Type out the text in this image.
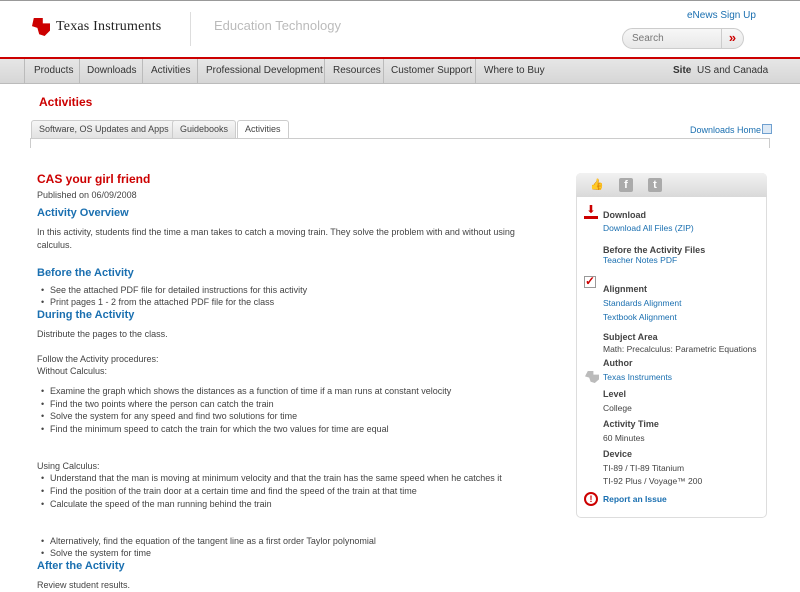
Texas Instruments	Education Technology
eNews Sign Up
Search	»
Products Downloads Activities Professional Development Resources Customer Support Where to Buy	Site US and Canada
Activities
Software, OS Updates and Apps	Guidebooks	Activities	Downloads Home
CAS your girl friend
Published on 06/09/2008
Activity Overview
In this activity, students find the time a man takes to catch a moving train. They solve the problem with and without using
calculus.
Before the Activity
• See the attached PDF file for detailed instructions for this activity
• Print pages 1 - 2 from the attached PDF file for the class
During the Activity
Distribute the pages to the class.
Follow the Activity procedures:
Without Calculus:
• Examine the graph which shows the distances as a function of time if a man runs at constant velocity
• Find the two points where the person can catch the train
• Solve the system for any speed and find two solutions for time
• Find the minimum speed to catch the train for which the two values for time are equal
Using Calculus:
• Understand that the man is moving at minimum velocity and that the train has the same speed when he catches it
• Find the position of the train door at a certain time and find the speed of the train at that time
• Calculate the speed of the man running behind the train
• Alternatively, find the equation of the tangent line as a first order Taylor polynomial
• Solve the system for time
After the Activity
Review student results.
👍	f	t
⬇ Download
Download All Files (ZIP)
Before the Activity Files
Teacher Notes PDF
✓
Alignment
Standards Alignment
Textbook Alignment
Subject Area
Math: Precalculus: Parametric Equations
Author
Texas Instruments
Level
College
Activity Time
60 Minutes
Device
TI-89 / TI-89 Titanium
TI-92 Plus / Voyage™ 200
!	Report an Issue
